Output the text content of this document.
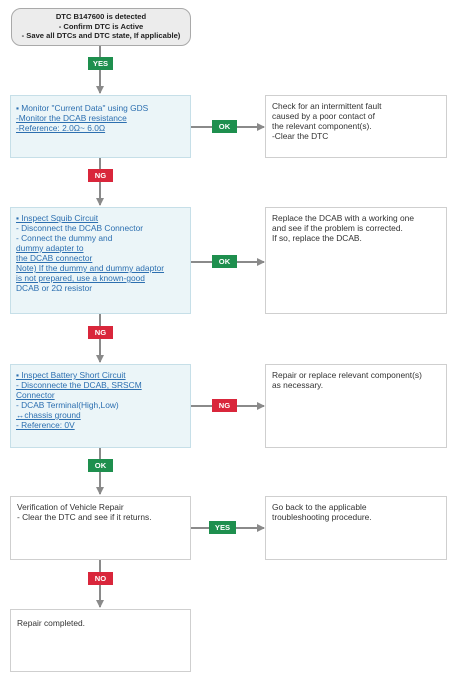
DTC B147600 is detected
- Confirm DTC is Active
- Save all DTCs and DTC state, If applicable)
▪ Monitor "Current Data" using GDS
-Monitor the DCAB resistance
-Reference: 2.0Ω~ 6.0Ω
Check for an intermittent fault
caused by a poor contact of
the relevant component(s).
-Clear the DTC
▪ Inspect Squib Circuit
- Disconnect the DCAB Connector
- Connect the dummy and
dummy adapter to
the DCAB connector
Note) If the dummy and dummy adaptor
is not prepared, use a known-good
DCAB or 2Ω resistor
Replace the DCAB with a working one
and see if the problem is corrected.
If so, replace the DCAB.
▪ Inspect Battery Short Circuit
- Disconnecte the DCAB, SRSCM
Connector
- DCAB Terminal(High,Low)
↔chassis ground
- Reference: 0V
Repair or replace relevant component(s)
as necessary.
Verification of Vehicle Repair
- Clear the DTC and see if it returns.
Go back to the applicable
troubleshooting procedure.
Repair completed.
YES
OK
NG
OK
NG
NG
OK
YES
NO
